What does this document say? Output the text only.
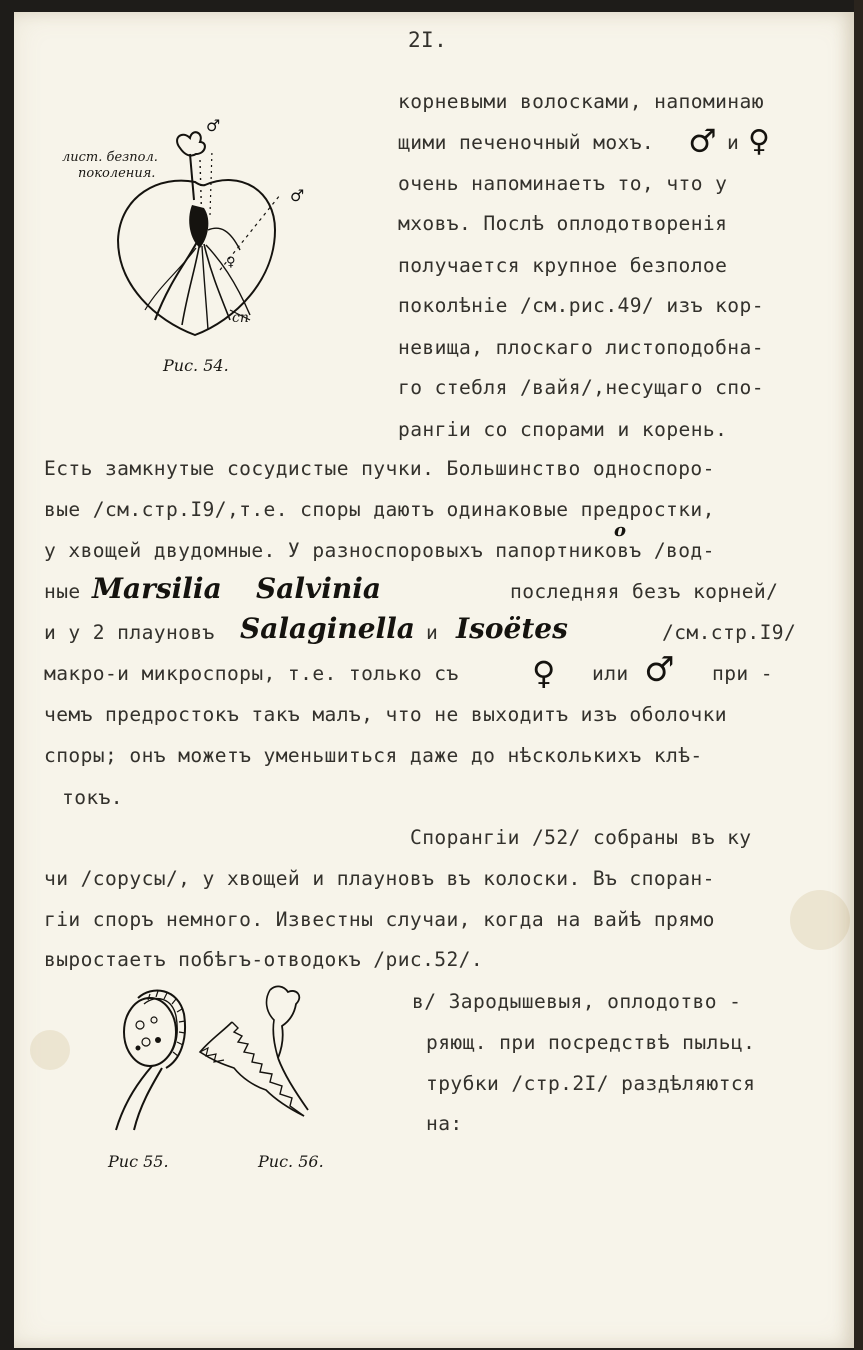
2I.
лист. безпол.
поколения.
♂
♂
♀
сп
Рис. 54.
корневыми волосками, напоминаю
щими печеночный мохъ. ♂ и ♀
очень напоминаетъ то, что у
мховъ. Послѣ оплодотворенія
получается крупное безполое
поколѣніе /см.рис.49/ изъ кор-
невища, плоскаго листоподобна-
го стебля /вайя/,несущаго спо-
рангіи со спорами и корень.
Есть замкнутые сосудистые пучки. Большинство односпоро-
вые /см.стр.I9/,т.е. споры даютъ одинаковые предростки,
o
у хвощей двудомные. У разноспоровыхъ папортниковъ /вод-
ные Marsilia Salvinia	последняя безъ корней/
и у 2 плауновъ Salaginella и Isoëtes	/см.стр.I9/
макро-и микроспоры, т.е. только съ ♀ или ♂ при -
чемъ предростокъ такъ малъ, что не выходитъ изъ оболочки
споры; онъ можетъ уменьшиться даже до нѣсколькихъ клѣ-
токъ.
Спорангіи /52/ собраны въ ку
чи /сорусы/, у хвощей и плауновъ въ колоски. Въ споран-
гіи споръ немного. Известны случаи, когда на вайѣ прямо
выростаетъ побѣгъ-отводокъ /рис.52/.
Рис 55.	Рис. 56.
в/ Зародышевыя, оплодотво -
ряющ. при посредствѣ пыльц.
трубки /стр.2I/ раздѣляются
на:
